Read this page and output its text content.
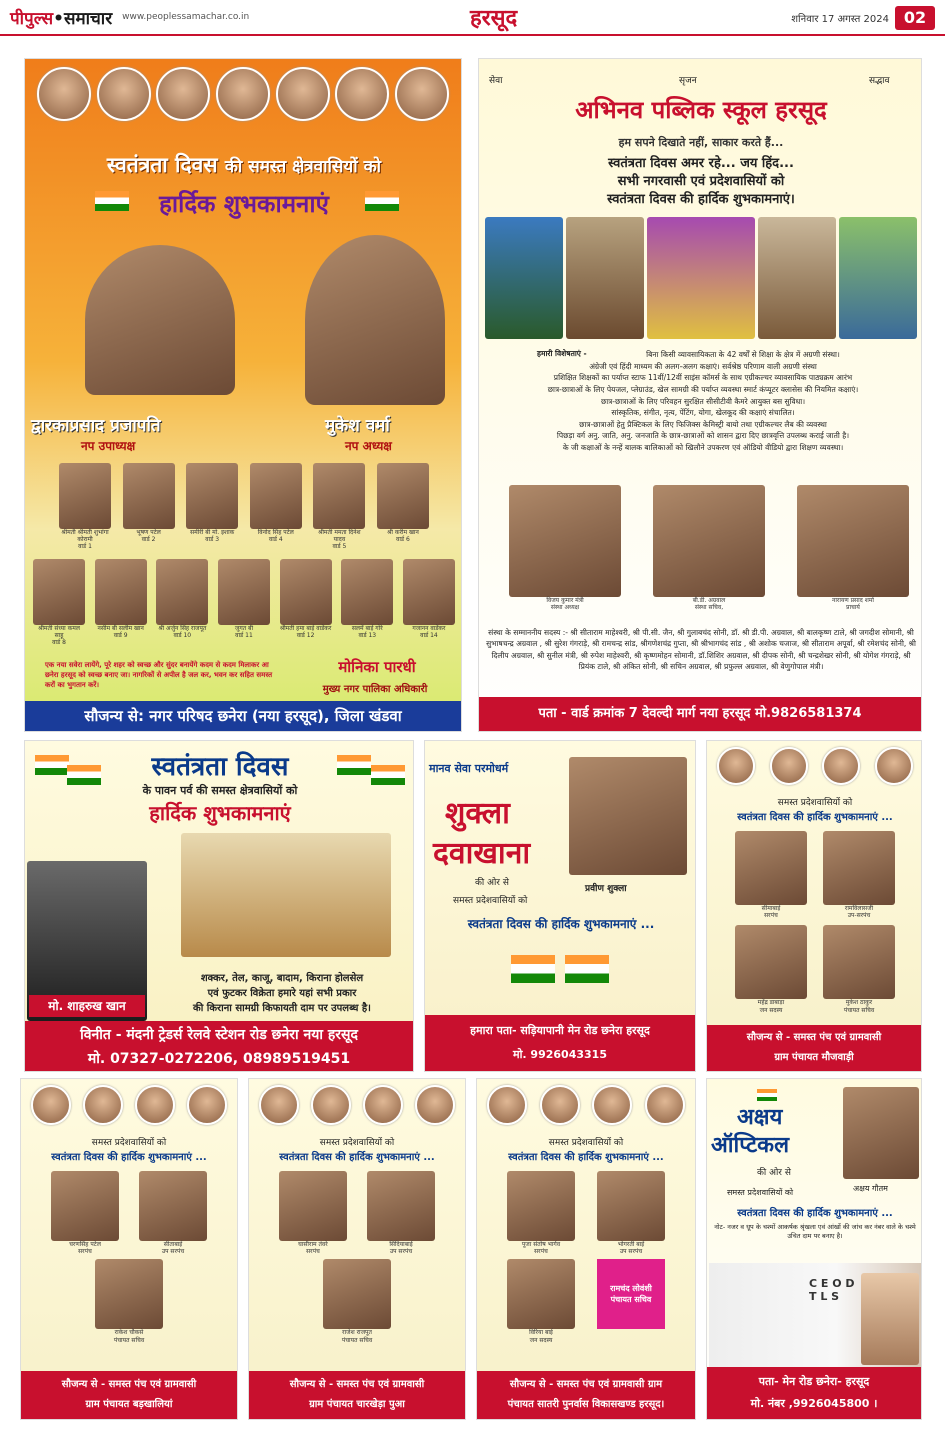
पीपुल्स•समाचार www.peoplessamachar.co.in	हरसूद	शनिवार 17 अगस्त 2024 02
स्वतंत्रता दिवस की समस्त क्षेत्रवासियों को
हार्दिक शुभकामनाएं
द्वारकाप्रसाद प्रजापति
नप उपाध्यक्ष
मुकेश वर्मा
नप अध्यक्ष
श्रीमती श्रीमती शुभांगा कोरामी
वार्ड 1
भूषण पटेल
वार्ड 2
समीरी बी मो. इशाक
वार्ड 3
विनोद सिंह पटेल
वार्ड 4
श्रीमती ममता दिनेश यादव
वार्ड 5
श्री करीम खान
वार्ड 6
श्रीमती संध्या कमल साहू
वार्ड 8
नसीम बी सलीम खान
वार्ड 9
श्री अर्जुन सिंह राजपूत
वार्ड 10
जुगत बी
वार्ड 11
श्रीमती हमा बाई वाडेंकर
वार्ड 12
सलमें बाई गोरे
वार्ड 13
गजानन वाडेंकर
वार्ड 14
एक नया सवेरा लायेंगे, पूरे शहर को स्वच्छ और सुंदर बनायेंगे कदम से कदम मिलाकर आ छनेरा हरसूद को स्वच्छ बनाए जा। नागरिकों से अपील है जल कर, भवन कर सहित समस्त करों का भुगतान करें।
मोनिका पारधी
मुख्य नगर पालिका अधिकारी
सौजन्य से: नगर परिषद छनेरा (नया हरसूद), जिला खंडवा
सेवा	सृजन	सद्भाव
अभिनव पब्लिक स्कूल हरसूद
हम सपने दिखाते नहीं, साकार करते हैं...
स्वतंत्रता दिवस अमर रहे... जय हिंद...
सभी नगरवासी एवं प्रदेशवासियों को
स्वतंत्रता दिवस की हार्दिक शुभकामनाएं।
हमारी विशेषताएं -	बिना किसी व्यावसायिकता के 42 वर्षों से शिक्षा के क्षेत्र में अग्रणी संस्था।
अंग्रेजी एवं हिंदी माध्यम की अलग-अलग कक्षाएं। सर्वश्रेष्ठ परिणाम वाली अग्रणी संस्था
प्रशिक्षित शिक्षकों का पर्याप्त स्टाफ 11वीं/12वीं साइंस कॉमर्स के साथ एग्रीकल्चर व्यावसायिक पाठ्यक्रम आरंभ
छात्र-छात्राओं के लिए पेयजल, प्लेग्राउंड, खेल सामग्री की पर्याप्त व्यवस्था स्मार्ट कंप्यूटर क्लासेस की नियमित कक्षाएं।
छात्र-छात्राओं के लिए परिवहन सुरक्षित सीसीटीवी कैमरे आयुक्त बस सुविधा।
सांस्कृतिक, संगीत, नृत्य, पेंटिंग, योगा, खेलकूद की कक्षाएं संचालित।
छात्र-छात्राओं हेतु प्रैक्टिकल के लिए फिजिक्स केमिस्ट्री बायो तथा एग्रीकल्चर लैब की व्यवस्था
पिछड़ा वर्ग अनु. जाति, अनु. जनजाति के छात्र-छात्राओं को शासन द्वारा दिए छात्रवृत्ति उपलब्ध कराई जाती है।
के जी कक्षाओं के नन्हें बालक बालिकाओं को खिलौने उपकरण एवं ऑडियो वीडियो द्वारा शिक्षण व्यवस्था।
विजय कुमार मंत्री
संस्था अध्यक्ष
बी.डी. अग्रवाल
संस्था सचिव,
नारायण प्रसाद शर्मा
प्राचार्य
संस्था के सम्माननीय सदस्य :- श्री सीताराम माहेश्वरी, श्री पी.सी. जैन, श्री गुलाबचंद सोनी, डॉ. श्री डी.पी. अग्रवाल, श्री बालकृष्ण टाले, श्री जगदीश सोमानी, श्री सुभाषचन्द्र अग्रवाल , श्री सुरेश गंगराड़े, श्री रामचन्द्र सांड, श्रीगणेशचंद्र गुप्ता, श्री श्रीभागचंद सांड , श्री अशोक चजाज, श्री सीताराम अपूर्वा, श्री रमेशचंद सोनी, श्री दिलीप अग्रवाल, श्री सुनील मंत्री, श्री रुपेश माहेश्वरी, श्री कृष्णमोहन सोमानी, डॉ.शिशिर अग्रवाल, श्री दीपक सोनी, श्री चन्द्रशेखर सोनी, श्री योगेश गंगराड़े, श्री प्रियंक टाले, श्री अंकित सोनी, श्री सचिन अग्रवाल, श्री प्रफुल्ल अग्रवाल, श्री वेणुगोपाल मंत्री।
पता - वार्ड क्रमांक 7 देवल्दी मार्ग नया हरसूद मो.9826581374
स्वतंत्रता दिवस
के पावन पर्व की समस्त क्षेत्रवासियों को
हार्दिक शुभकामनाएं
मो. शाहरुख खान
शक्कर, तेल, काजू, बादाम, किराना होलसेल
एवं फुटकर विक्रेता हमारे यहां सभी प्रकार
की किराना सामग्री किफायती दाम पर उपलब्ध है।
विनीत - मंदनी ट्रेडर्स रेलवे स्टेशन रोड छनेरा नया हरसूद
मो. 07327-0272206, 08989519451
मानव सेवा परमोधर्म
शुक्ला
दवाखाना
प्रवीण शुक्ला
की ओर से
समस्त प्रदेशवासियों को
स्वतंत्रता दिवस की हार्दिक शुभकामनाएं ...
हमारा पता- सड़ियापानी मेन रोड छनेरा हरसूद
मो. 9926043315
समस्त प्रदेशवासियों को
स्वतंत्रता दिवस की हार्दिक शुभकामनाएं ...
सीमाबाई
सरपंच
रामविलासजी
उप-सरपंच
महेंद्र डाबाड़ा
जन सदस्य
मुकेश ठाकुर
पंचायत सचिव
सौजन्य से - समस्त पंच एवं ग्रामवासी
ग्राम पंचायत मौजवाड़ी
समस्त प्रदेशवासियों को
स्वतंत्रता दिवस की हार्दिक शुभकामनाएं ...
चरणसिंह पटेल
सरपंच
सीताबाई
उप सरपंच
राकेश चौकसे
पंचायत सचिव
सौजन्य से - समस्त पंच एवं ग्रामवासी
ग्राम पंचायत बड़खालियां
समस्त प्रदेशवासियों को
स्वतंत्रता दिवस की हार्दिक शुभकामनाएं ...
घासीराम तंवरे
सरपंच
सिंदियाबाई
उप सरपंच
राजेश राजपूत
पंचायत सचिव
सौजन्य से - समस्त पंच एवं ग्रामवासी
ग्राम पंचायत चारखेड़ा पुआ
समस्त प्रदेशवासियों को
स्वतंत्रता दिवस की हार्दिक शुभकामनाएं ...
पूजा संतोष भार्गव
सरपंच
भोगरती बाई
उप सरपंच
विरिया बाई
जन सदस्य
रामचंद लोवंशी पंचायत सचिव
सौजन्य से - समस्त पंच एवं ग्रामवासी ग्राम
पंचायत सातरी पुनर्वास विकासखण्ड हरसूद।
अक्षय
ऑप्टिकल
अक्षय गौतम
की ओर से
समस्त प्रदेशवासियों को
स्वतंत्रता दिवस की हार्दिक शुभकामनाएं ...
नोट- नजर व धूप के चश्मों आकर्षक श्रृंखला एवं आंखों की जांच कर नंबर वाले के चश्मे उचित दाम पर बनाए है।
C E O D T L S
पता- मेन रोड छनेरा- हरसूद
मो. नंबर ,9926045800 ।
